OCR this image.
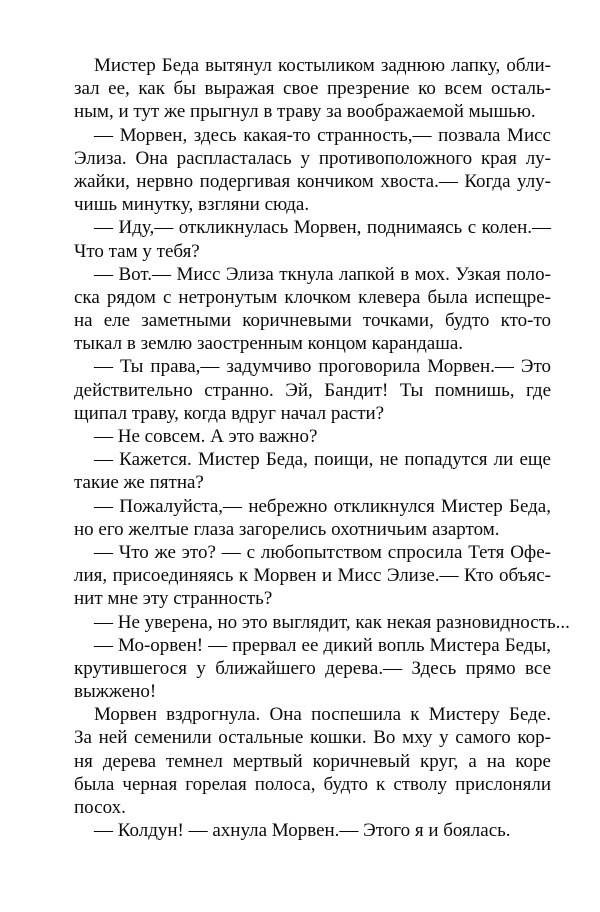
Мистер Беда вытянул костыликом заднюю лапку, обли-
зал ее, как бы выражая свое презрение ко всем осталь-
ным, и тут же прыгнул в траву за воображаемой мышью.
— Морвен, здесь какая-то странность,— позвала Мисс
Элиза. Она распласталась у противоположного края лу-
жайки, нервно подергивая кончиком хвоста.— Когда улу-
чишь минутку, взгляни сюда.
— Иду,— откликнулась Морвен, поднимаясь с колен.—
Что там у тебя?
— Вот.— Мисс Элиза ткнула лапкой в мох. Узкая поло-
ска рядом с нетронутым клочком клевера была испещре-
на еле заметными коричневыми точками, будто кто-то
тыкал в землю заостренным концом карандаша.
— Ты права,— задумчиво проговорила Морвен.— Это
действительно странно. Эй, Бандит! Ты помнишь, где
щипал траву, когда вдруг начал расти?
— Не совсем. А это важно?
— Кажется. Мистер Беда, поищи, не попадутся ли еще
такие же пятна?
— Пожалуйста,— небрежно откликнулся Мистер Беда,
но его желтые глаза загорелись охотничьим азартом.
— Что же это? — с любопытством спросила Тетя Офе-
лия, присоединяясь к Морвен и Мисс Элизе.— Кто объяс-
нит мне эту странность?
— Не уверена, но это выглядит, как некая разновидность...
— Мо-орвен! — прервал ее дикий вопль Мистера Беды,
крутившегося у ближайшего дерева.— Здесь прямо все
выжжено!
Морвен вздрогнула. Она поспешила к Мистеру Беде.
За ней семенили остальные кошки. Во мху у самого кор-
ня дерева темнел мертвый коричневый круг, а на коре
была черная горелая полоса, будто к стволу прислоняли
посох.
— Колдун! — ахнула Морвен.— Этого я и боялась.
